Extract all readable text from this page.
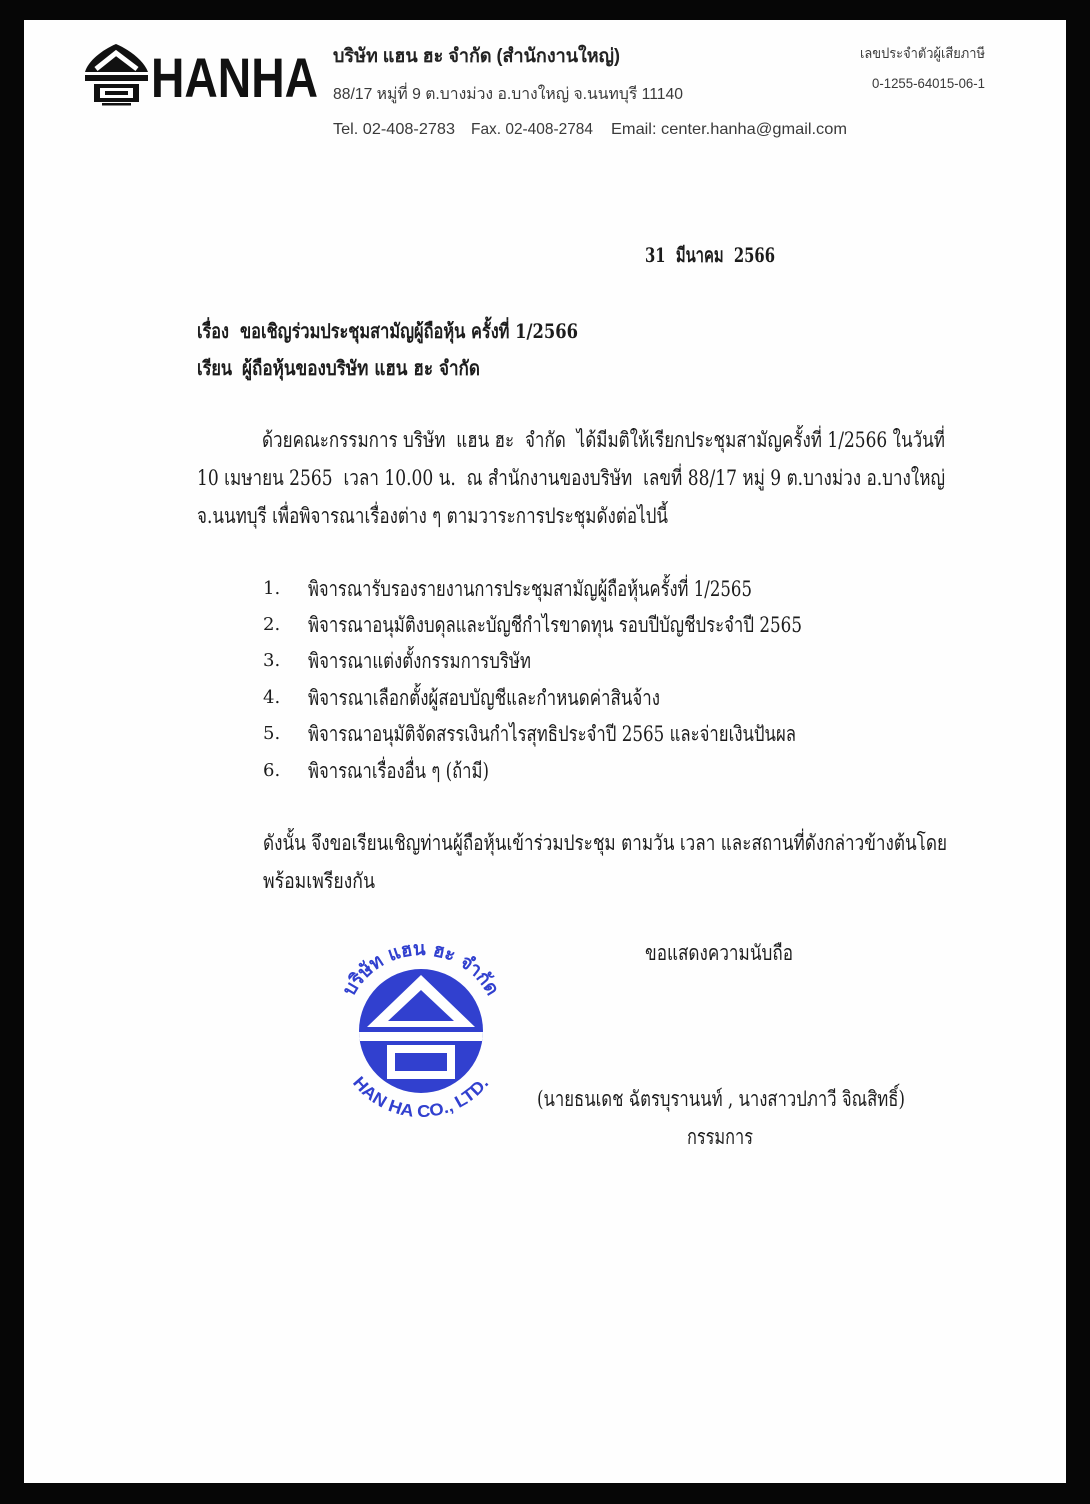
HANHA บริษัท แฮน ฮะ จำกัด (สำนักงานใหญ่)
88/17 หมู่ที่ 9 ต.บางม่วง อ.บางใหญ่ จ.นนทบุรี 11140
Tel. 02-408-2783 Fax. 02-408-2784 Email: center.hanha@gmail.com
เลขประจำตัวผู้เสียภาษี
0-1255-64015-06-1
31  มีนาคม  2566
เรื่อง ขอเชิญร่วมประชุมสามัญผู้ถือหุ้น ครั้งที่ 1/2566
เรียน ผู้ถือหุ้นของบริษัท แฮน ฮะ จำกัด
ด้วยคณะกรรมการ บริษัท  แฮน ฮะ  จำกัด  ได้มีมติให้เรียกประชุมสามัญครั้งที่ 1/2566 ในวันที่
10 เมษายน 2565  เวลา 10.00 น.  ณ สำนักงานของบริษัท  เลขที่ 88/17 หมู่ 9 ต.บางม่วง อ.บางใหญ่
จ.นนทบุรี เพื่อพิจารณาเรื่องต่าง ๆ ตามวาระการประชุมดังต่อไปนี้
1. พิจารณารับรองรายงานการประชุมสามัญผู้ถือหุ้นครั้งที่ 1/2565
2. พิจารณาอนุมัติงบดุลและบัญชีกำไรขาดทุน รอบปีบัญชีประจำปี 2565
3. พิจารณาแต่งตั้งกรรมการบริษัท
4. พิจารณาเลือกตั้งผู้สอบบัญชีและกำหนดค่าสินจ้าง
5. พิจารณาอนุมัติจัดสรรเงินกำไรสุทธิประจำปี 2565 และจ่ายเงินปันผล
6. พิจารณาเรื่องอื่น ๆ (ถ้ามี)
ดังนั้น จึงขอเรียนเชิญท่านผู้ถือหุ้นเข้าร่วมประชุม ตามวัน เวลา และสถานที่ดังกล่าวข้างต้นโดย
พร้อมเพรียงกัน
ขอแสดงความนับถือ
(นายธนเดช ฉัตรบุรานนท์ , นางสาวปภาวี จิณสิทธิ์)
กรรมการ
บริษัท แฮน ฮะ จำกัด
HAN HA CO., LTD.
